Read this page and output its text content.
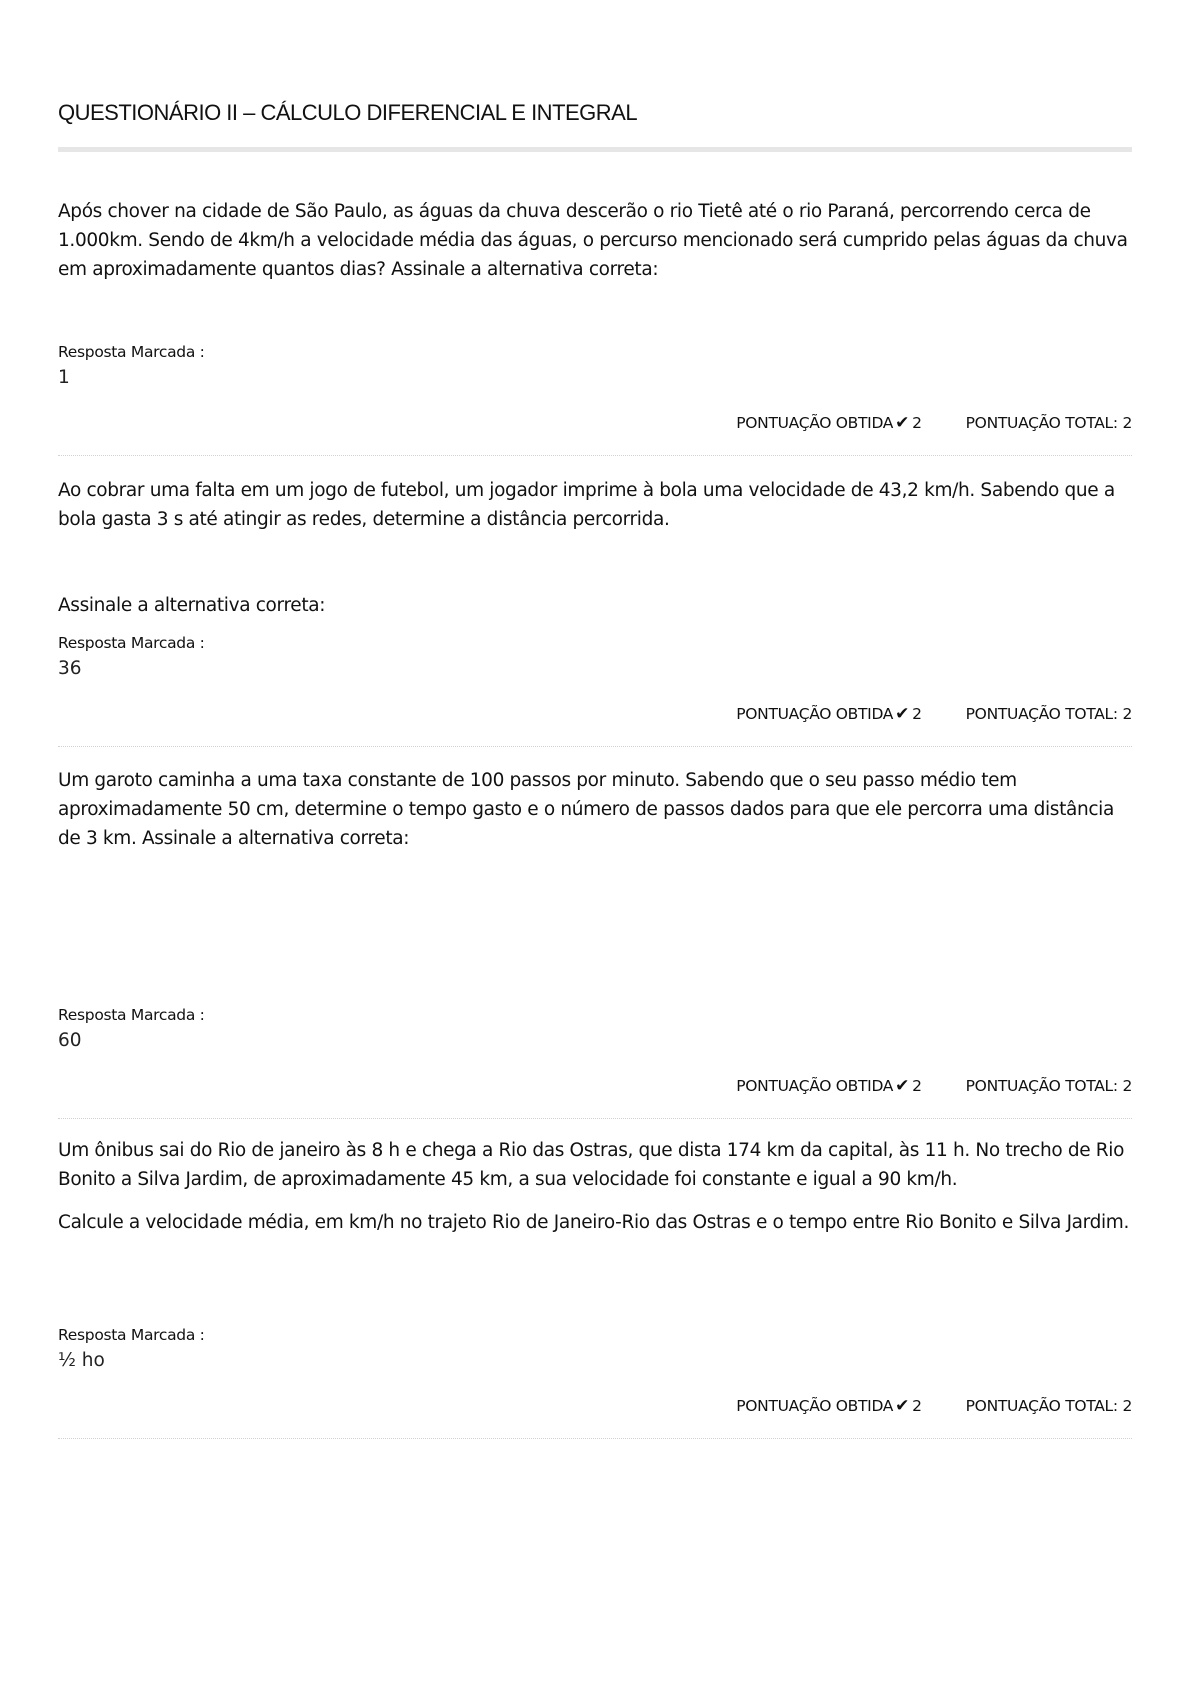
QUESTIONÁRIO II – CÁLCULO DIFERENCIAL E INTEGRAL

Após chover na cidade de São Paulo, as águas da chuva descerão o rio Tietê até o rio Paraná, percorrendo cerca de 1.000km. Sendo de 4km/h a velocidade média das águas, o percurso mencionado será cumprido pelas águas da chuva em aproximadamente quantos dias? Assinale a alternativa correta:

Resposta Marcada :
1
PONTUAÇÃO OBTIDA ✔ 2	PONTUAÇÃO TOTAL: 2

Ao cobrar uma falta em um jogo de futebol, um jogador imprime à bola uma velocidade de 43,2 km/h. Sabendo que a bola gasta 3 s até atingir as redes, determine a distância percorrida.

Assinale a alternativa correta:

Resposta Marcada :
36
PONTUAÇÃO OBTIDA ✔ 2	PONTUAÇÃO TOTAL: 2

Um garoto caminha a uma taxa constante de 100 passos por minuto. Sabendo que o seu passo médio tem aproximadamente 50 cm, determine o tempo gasto e o número de passos dados para que ele percorra uma distância de 3 km. Assinale a alternativa correta:

Resposta Marcada :
60
PONTUAÇÃO OBTIDA ✔ 2	PONTUAÇÃO TOTAL: 2

Um ônibus sai do Rio de janeiro às 8 h e chega a Rio das Ostras, que dista 174 km da capital, às 11 h. No trecho de Rio Bonito a Silva Jardim, de aproximadamente 45 km, a sua velocidade foi constante e igual a 90 km/h.

Calcule a velocidade média, em km/h no trajeto Rio de Janeiro-Rio das Ostras e o tempo entre Rio Bonito e Silva Jardim.

Resposta Marcada :
½ ho
PONTUAÇÃO OBTIDA ✔ 2	PONTUAÇÃO TOTAL: 2
